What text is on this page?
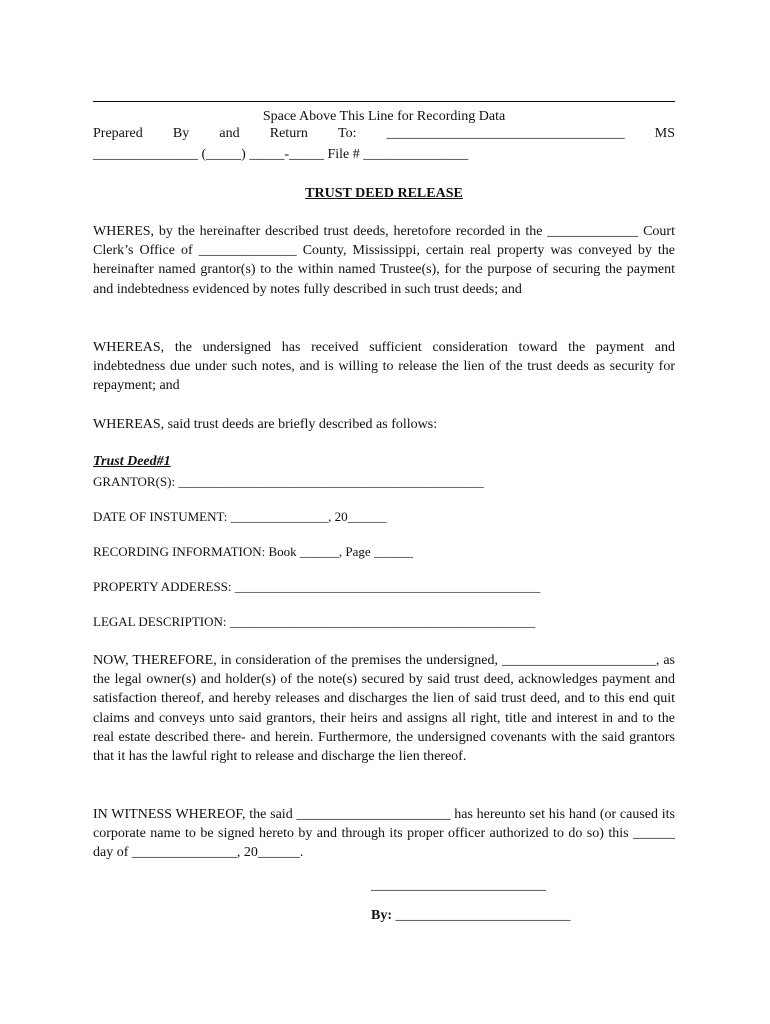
Space Above This Line for Recording Data
Prepared By and Return To: __________________________________ MS
_______________ (_____) _____-_____ File # _______________
TRUST DEED RELEASE
WHERES, by the hereinafter described trust deeds, heretofore recorded in the _____________ Court Clerk’s Office of ______________ County, Mississippi, certain real property was conveyed by the hereinafter named grantor(s) to the within named Trustee(s), for the purpose of securing the payment and indebtedness evidenced by notes fully described in such trust deeds; and
WHEREAS, the undersigned has received sufficient consideration toward the payment and indebtedness due under such notes, and is willing to release the lien of the trust deeds as security for repayment; and
WHEREAS, said trust deeds are briefly described as follows:
Trust Deed#1
GRANTOR(S): _______________________________________________
DATE OF INSTUMENT: _______________, 20______
RECORDING INFORMATION: Book ______, Page ______
PROPERTY ADDERESS: _______________________________________________
LEGAL DESCRIPTION: _______________________________________________
NOW, THEREFORE, in consideration of the premises the undersigned, ______________________, as the legal owner(s) and holder(s) of the note(s) secured by said trust deed, acknowledges payment and satisfaction thereof, and hereby releases and discharges the lien of said trust deed, and to this end quit claims and conveys unto said grantors, their heirs and assigns all right, title and interest in and to the real estate described there- and herein. Furthermore, the undersigned covenants with the said grantors that it has the lawful right to release and discharge the lien thereof.
IN WITNESS WHEREOF, the said ______________________ has hereunto set his hand (or caused its corporate name to be signed hereto by and through its proper officer authorized to do so) this ______ day of _______________, 20______.
_________________________
By: _________________________
